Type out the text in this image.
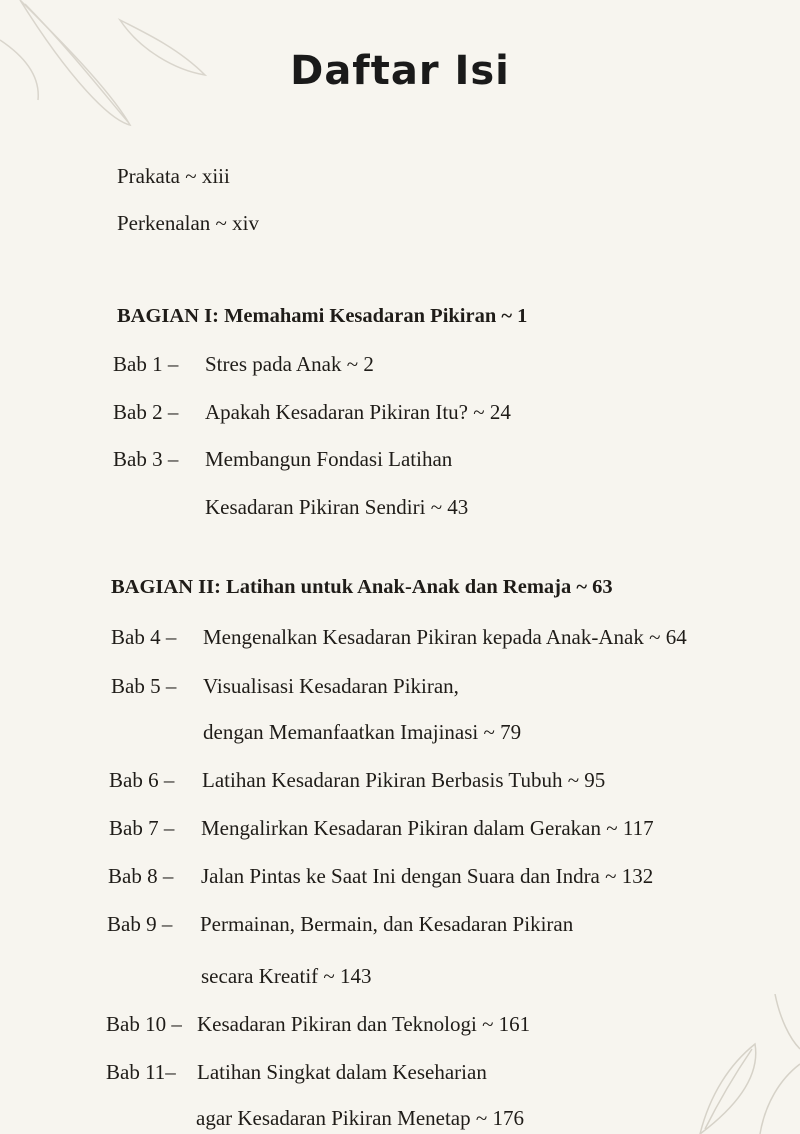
Daftar Isi
Prakata ~ xiii
Perkenalan ~ xiv
BAGIAN I: Memahami Kesadaran Pikiran ~ 1
Bab 1 – Stres pada Anak ~ 2
Bab 2 – Apakah Kesadaran Pikiran Itu? ~ 24
Bab 3 – Membangun Fondasi Latihan
Kesadaran Pikiran Sendiri ~ 43
BAGIAN II: Latihan untuk Anak-Anak dan Remaja ~ 63
Bab 4 – Mengenalkan Kesadaran Pikiran kepada Anak-Anak ~ 64
Bab 5 – Visualisasi Kesadaran Pikiran,
dengan Memanfaatkan Imajinasi ~ 79
Bab 6 – Latihan Kesadaran Pikiran Berbasis Tubuh ~ 95
Bab 7 – Mengalirkan Kesadaran Pikiran dalam Gerakan ~ 117
Bab 8 – Jalan Pintas ke Saat Ini dengan Suara dan Indra ~ 132
Bab 9 – Permainan, Bermain, dan Kesadaran Pikiran
secara Kreatif ~ 143
Bab 10 – Kesadaran Pikiran dan Teknologi ~ 161
Bab 11– Latihan Singkat dalam Keseharian
agar Kesadaran Pikiran Menetap ~ 176
